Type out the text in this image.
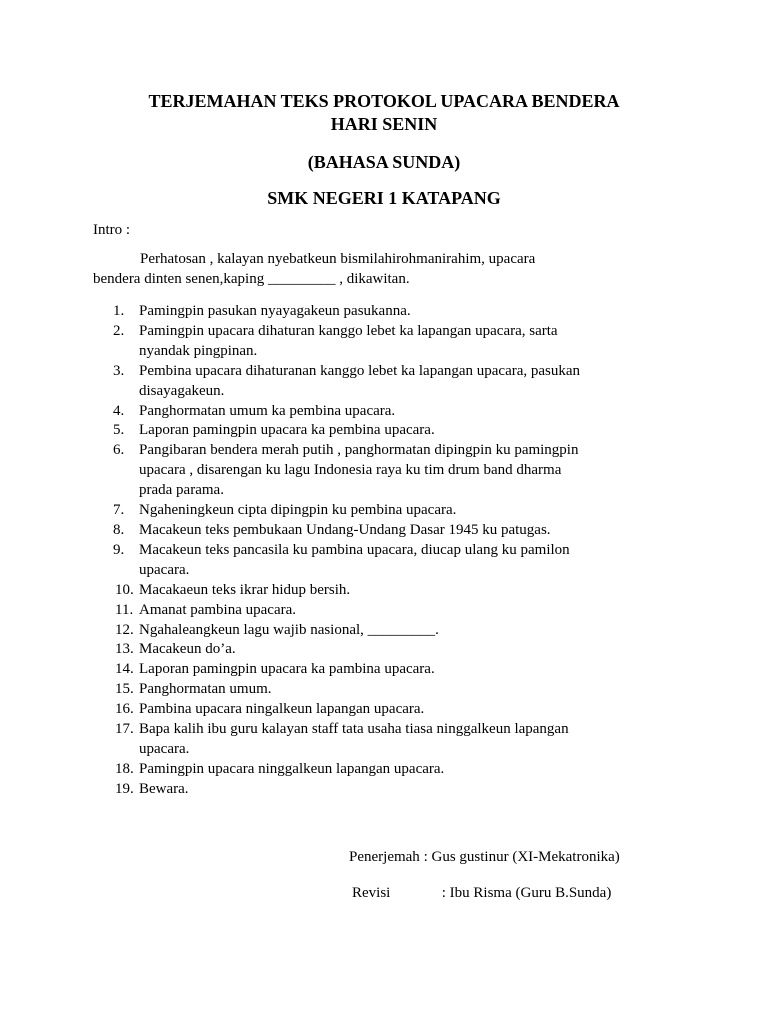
TERJEMAHAN TEKS PROTOKOL UPACARA BENDERA
HARI SENIN
(BAHASA SUNDA)
SMK NEGERI 1 KATAPANG
Intro :
Perhatosan , kalayan nyebatkeun bismilahirohmanirahim, upacara
bendera dinten senen,kaping _________ , dikawitan.
1. Pamingpin pasukan nyayagakeun pasukanna.
2. Pamingpin upacara dihaturan kanggo lebet ka lapangan upacara, sarta
nyandak pingpinan.
3. Pembina upacara dihaturanan kanggo lebet ka lapangan upacara, pasukan
disayagakeun.
4. Panghormatan umum ka pembina upacara.
5. Laporan pamingpin upacara ka pembina upacara.
6. Pangibaran bendera merah putih , panghormatan dipingpin ku pamingpin
upacara , disarengan ku lagu Indonesia raya ku tim drum band dharma
prada parama.
7. Ngaheningkeun cipta dipingpin ku pembina upacara.
8. Macakeun teks pembukaan Undang-Undang Dasar 1945 ku patugas.
9. Macakeun teks pancasila ku pambina upacara, diucap ulang ku pamilon
upacara.
10. Macakaeun teks ikrar hidup bersih.
11. Amanat pambina upacara.
12. Ngahaleangkeun lagu wajib nasional, _________.
13. Macakeun do’a.
14. Laporan pamingpin upacara ka pambina upacara.
15. Panghormatan umum.
16. Pambina upacara ningalkeun lapangan upacara.
17. Bapa kalih ibu guru kalayan staff tata usaha tiasa ninggalkeun lapangan
upacara.
18. Pamingpin upacara ninggalkeun lapangan upacara.
19. Bewara.
Penerjemah : Gus gustinur (XI-Mekatronika)
Revisi	: Ibu Risma (Guru B.Sunda)
